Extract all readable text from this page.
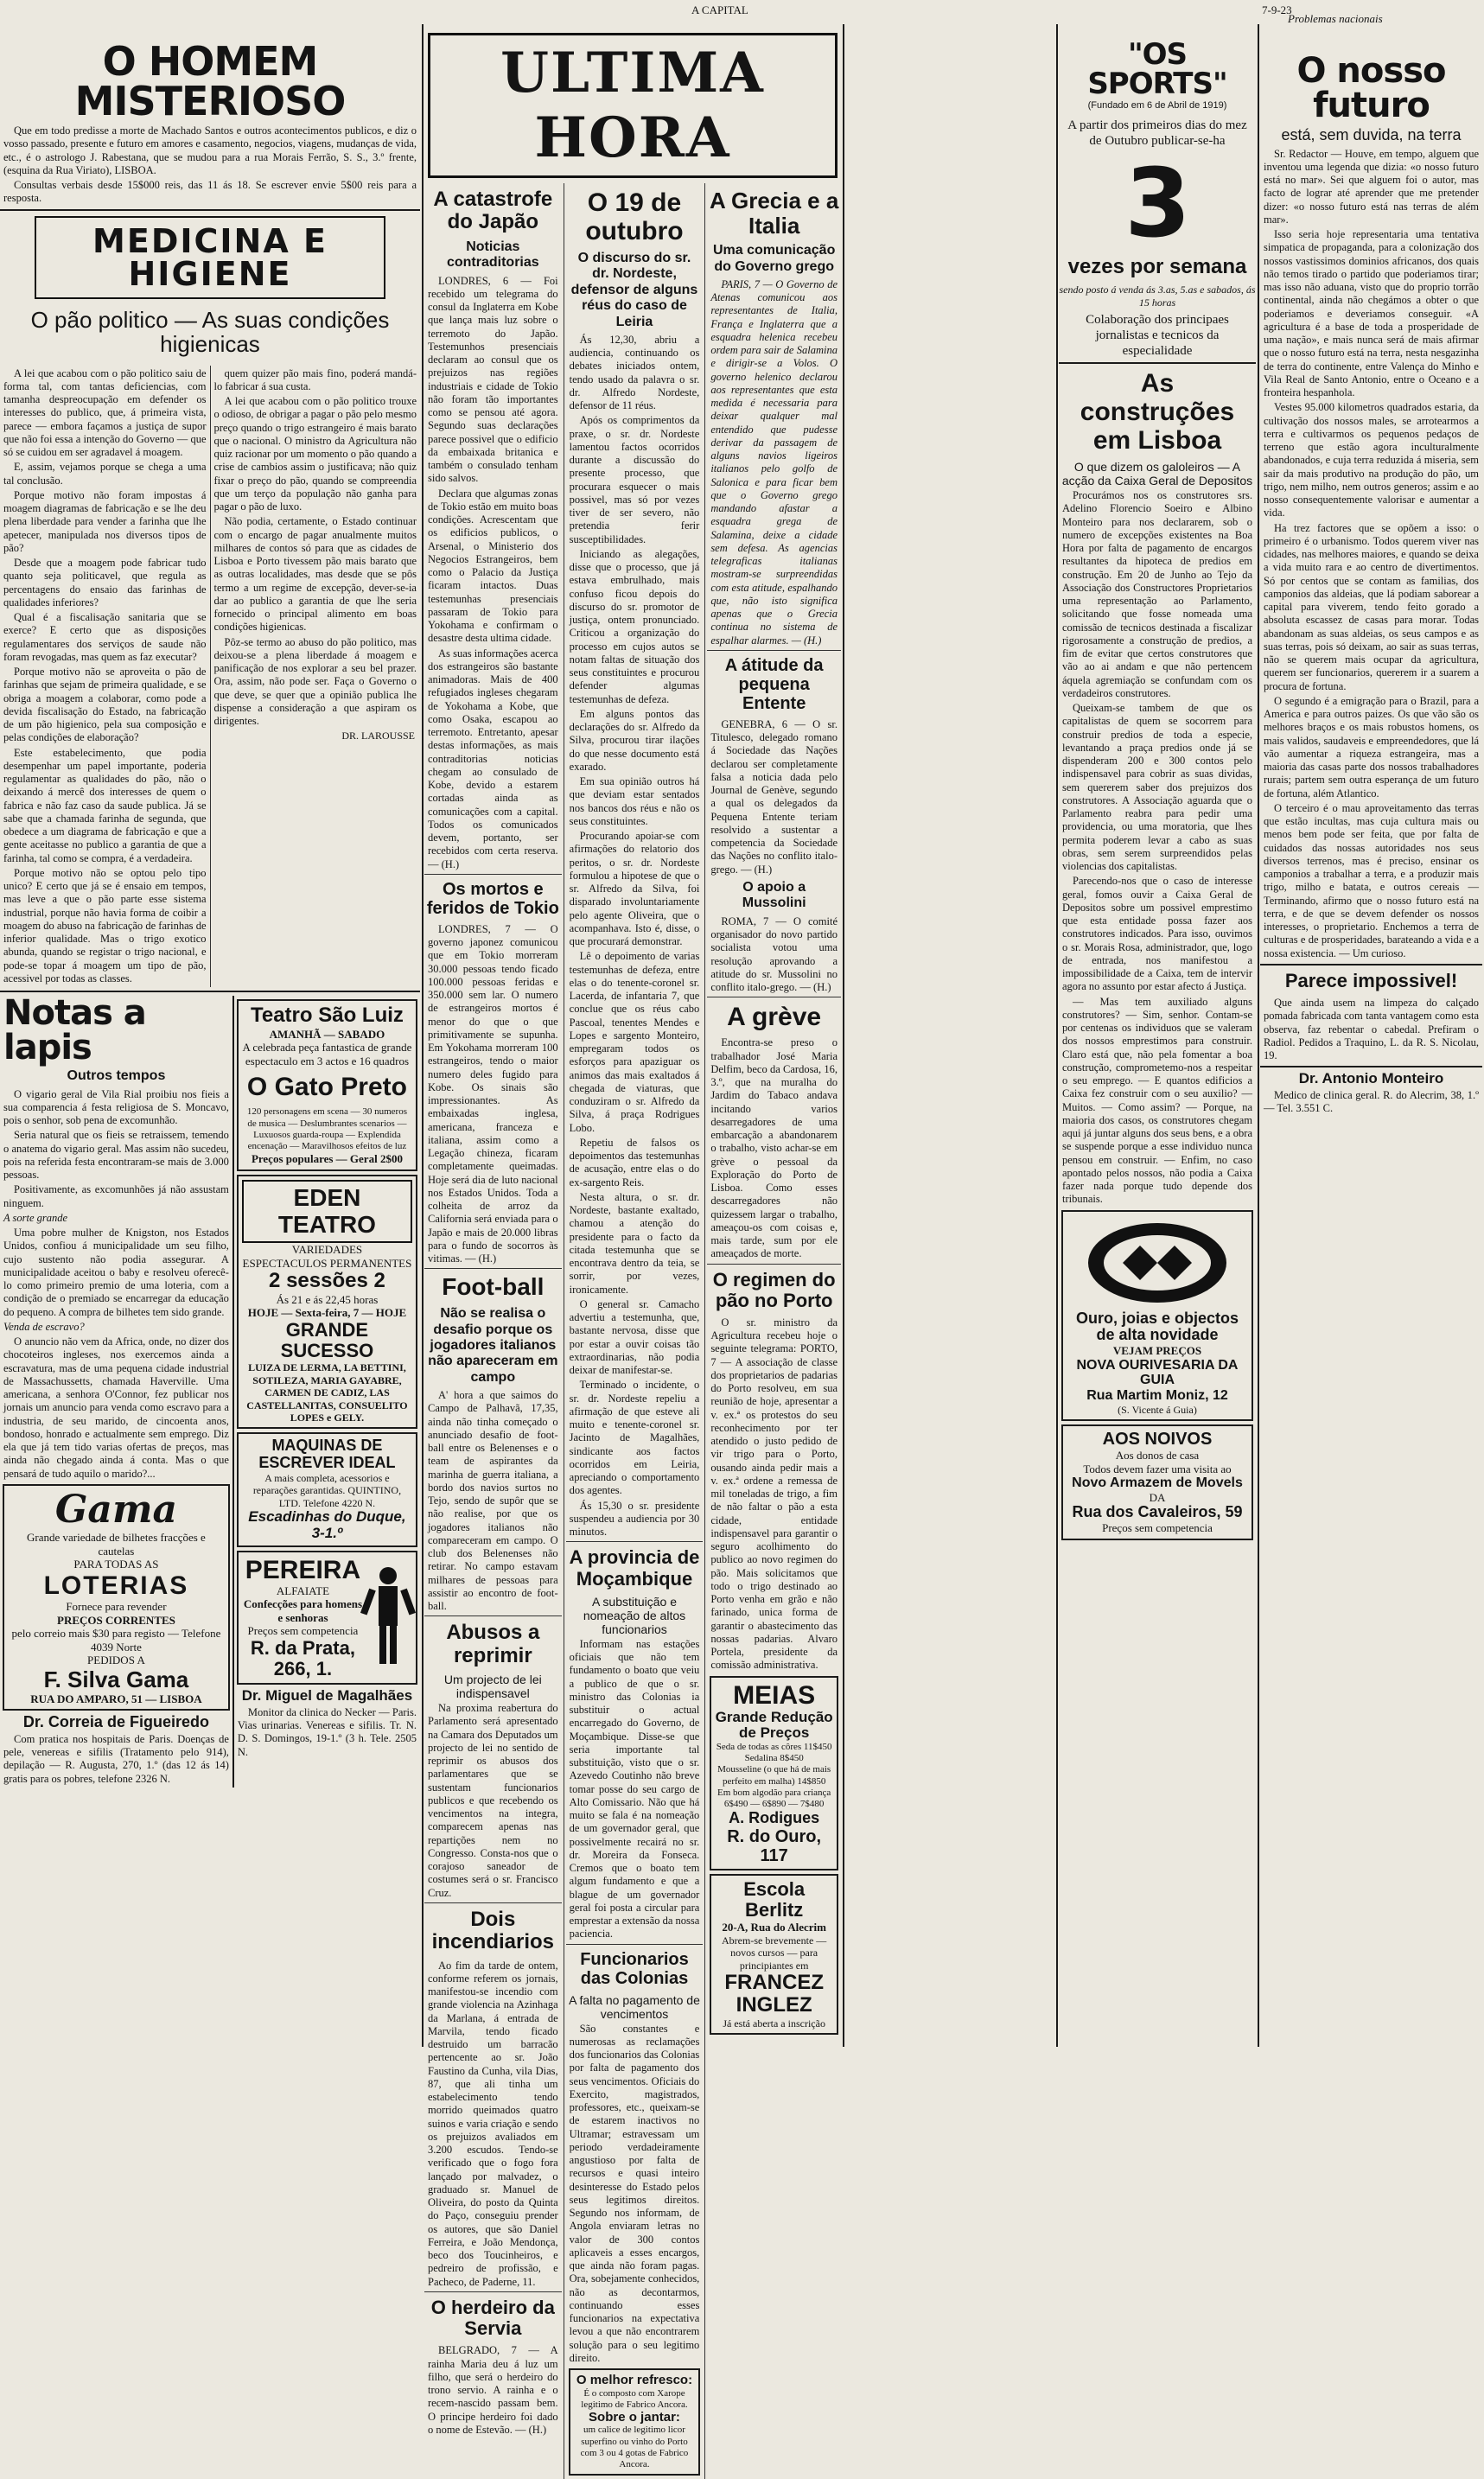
A CAPITAL	7-9-23
Problemas nacionais
O HOMEM MISTERIOSO
Que em todo predisse a morte de Machado Santos e outros acontecimentos publicos, e diz o vosso passado, presente e futuro em amores e casamento, negocios, viagens, mudanças de vida, etc., é o astrologo J. Rabestana, que se mudou para a rua Morais Ferrão, S. S., 3.º frente, (esquina da Rua Viriato), LISBOA.
Consultas verbais desde 15$000 reis, das 11 ás 18. Se escrever envie 5$00 reis para a resposta.
MEDICINA E HIGIENE
O pão politico — As suas condições higienicas
A lei que acabou com o pão politico saiu de forma tal, com tantas deficiencias, com tamanha despreocupação em defender os interesses do publico, que, á primeira vista, parece — embora façamos a justiça de supor que não foi essa a intenção do Governo — que só se cuidou em ser agradavel á moagem.
E, assim, vejamos porque se chega a uma tal conclusão.
Porque motivo não foram impostas á moagem diagramas de fabricação e se lhe deu plena liberdade para vender a farinha que lhe apetecer, manipulada nos diversos tipos de pão?
Desde que a moagem pode fabricar tudo quanto seja politicavel, que regula as percentagens do ensaio das farinhas de qualidades inferiores?
Qual é a fiscalisação sanitaria que se exerce? E certo que as disposições regulamentares dos serviços de saude não foram revogadas, mas quem as faz executar?
Porque motivo não se aproveita o pão de farinhas que sejam de primeira qualidade, e se obriga a moagem a colaborar, como pode a devida fiscalisação do Estado, na fabricação de um pão higienico, pela sua composição e pelas condições de elaboração?
Este estabelecimento, que podia desempenhar um papel importante, poderia regulamentar as qualidades do pão, não o deixando á mercê dos interesses de quem o fabrica e não faz caso da saude publica. Já se sabe que a chamada farinha de segunda, que obedece a um diagrama de fabricação e que a gente aceitasse no publico a garantia de que a farinha, tal como se compra, é a verdadeira.
Porque motivo não se optou pelo tipo unico? E certo que já se é ensaio em tempos, mas leve a que o pão parte esse sistema industrial, porque não havia forma de coibir a moagem do abuso na fabricação de farinhas de inferior qualidade. Mas o trigo exotico abunda, quando se registar o trigo nacional, e pode-se topar á moagem um tipo de pão, acessivel por todas as classes.
quem quizer pão mais fino, poderá mandá-lo fabricar á sua custa.
A lei que acabou com o pão politico trouxe o odioso, de obrigar a pagar o pão pelo mesmo preço quando o trigo estrangeiro é mais barato que o nacional. O ministro da Agricultura não quiz racionar por um momento o pão quando a crise de cambios assim o justificava; não quiz fixar o preço do pão, quando se compreendia que um terço da população não ganha para pagar o pão de luxo.
Não podia, certamente, o Estado continuar com o encargo de pagar anualmente muitos milhares de contos só para que as cidades de Lisboa e Porto tivessem pão mais barato que as outras localidades, mas desde que se pôs termo a um regime de excepção, dever-se-ia dar ao publico a garantia de que lhe seria fornecido o principal alimento em boas condições higienicas.
Pôz-se termo ao abuso do pão politico, mas deixou-se a plena liberdade á moagem e panificação de nos explorar a seu bel prazer. Ora, assim, não pode ser. Faça o Governo o que deve, se quer que a opinião publica lhe dispense a consideração a que aspiram os dirigentes.
DR. LAROUSSE
Notas a lapis
Outros tempos
O vigario geral de Vila Rial proibiu nos fieis a sua comparencia á festa religiosa de S. Moncavo, pois o senhor, sob pena de excomunhão.
Seria natural que os fieis se retraissem, temendo o anatema do vigario geral. Mas assim não sucedeu, pois na referida festa encontraram-se mais de 3.000 pessoas.
Positivamente, as excomunhões já não assustam ninguem.
A sorte grande
Uma pobre mulher de Knigston, nos Estados Unidos, confiou á municipalidade um seu filho, cujo sustento não podia assegurar. A municipalidade aceitou o baby e resolveu oferecê-lo como primeiro premio de uma loteria, com a condição de o premiado se encarregar da educação do pequeno. A compra de bilhetes tem sido grande.
Venda de escravo?
O anuncio não vem da Africa, onde, no dizer dos chocoteiros ingleses, nos exercemos ainda a escravatura, mas de uma pequena cidade industrial de Massachussetts, chamada Haverville. Uma americana, a senhora O'Connor, fez publicar nos jornais um anuncio para venda como escravo para a industria, de seu marido, de cincoenta anos, bondoso, honrado e actualmente sem emprego. Diz ela que já tem tido varias ofertas de preços, mas ainda não chegado ainda á conta. Mas o que pensará de tudo aquilo o marido?...
Gama
Grande variedade de bilhetes fracções e cautelas
PARA TODAS AS
LOTERIAS
Fornece para revender
PREÇOS CORRENTES
pelo correio mais $30 para registo — Telefone 4039 Norte
PEDIDOS A
F. Silva Gama
RUA DO AMPARO, 51 — LISBOA
Dr. Correia de Figueiredo
Com pratica nos hospitais de Paris. Doenças de pele, venereas e sifilis (Tratamento pelo 914), depilação — R. Augusta, 270, 1.º (das 12 ás 14) gratis para os pobres, telefone 2326 N.
Teatro São Luiz
AMANHÃ — SABADO
A celebrada peça fantastica de grande espectaculo em 3 actos e 16 quadros
O Gato Preto
120 personagens em scena — 30 numeros de musica — Deslumbrantes scenarios — Luxuosos guarda-roupa — Explendida encenação — Maravilhosos efeitos de luz
Preços populares — Geral 2$00
EDEN TEATRO
VARIEDADES
ESPECTACULOS PERMANENTES
2 sessões 2
Ás 21 e ás 22,45 horas
HOJE — Sexta-feira, 7 — HOJE
GRANDE SUCESSO
LUIZA DE LERMA, LA BETTINI, SOTILEZA, MARIA GAYABRE, CARMEN DE CADIZ, LAS CASTELLANITAS, CONSUELITO LOPES e GELY.
MAQUINAS DE ESCREVER IDEAL
A mais completa, acessorios e reparações garantidas. QUINTINO, LTD. Telefone 4220 N.
Escadinhas do Duque, 3-1.º
PEREIRA
ALFAIATE
Confecções para homens e senhoras
Preços sem competencia
R. da Prata, 266, 1.
Dr. Miguel de Magalhães
Monitor da clinica do Necker — Paris. Vias urinarias. Venereas e sifilis. Tr. N. D. S. Domingos, 19-1.º (3 h. Tele. 2505 N.
ULTIMA HORA
A catastrofe do Japão
Noticias contraditorias
LONDRES, 6 — Foi recebido um telegrama do consul da Inglaterra em Kobe que lança mais luz sobre o terremoto do Japão. Testemunhos presenciais declaram ao consul que os prejuizos nas regiões industriais e cidade de Tokio não foram tão importantes como se pensou até agora. Segundo suas declarações parece possivel que o edificio da embaixada britanica e também o consulado tenham sido salvos.
Declara que algumas zonas de Tokio estão em muito boas condições. Acrescentam que os edificios publicos, o Arsenal, o Ministerio dos Negocios Estrangeiros, bem como o Palacio da Justiça ficaram intactos. Duas testemunhas presenciais passaram de Tokio para Yokohama e confirmam o desastre desta ultima cidade.
As suas informações acerca dos estrangeiros são bastante animadoras. Mais de 400 refugiados ingleses chegaram de Yokohama a Kobe, que como Osaka, escapou ao terremoto. Entretanto, apesar destas informações, as mais contraditorias noticias chegam ao consulado de Kobe, devido a estarem cortadas ainda as comunicações com a capital. Todos os comunicados devem, portanto, ser recebidos com certa reserva. — (H.)
Os mortos e feridos de Tokio
LONDRES, 7 — O governo japonez comunicou que em Tokio morreram 30.000 pessoas tendo ficado 100.000 pessoas feridas e 350.000 sem lar. O numero de estrangeiros mortos é menor do que o que primitivamente se supunha. Em Yokohama morreram 100 estrangeiros, tendo o maior numero deles fugido para Kobe. Os sinais são impressionantes. As embaixadas inglesa, americana, franceza e italiana, assim como a Legação chineza, ficaram completamente queimadas. Hoje será dia de luto nacional nos Estados Unidos. Toda a colheita de arroz da California será enviada para o Japão e mais de 20.000 libras para o fundo de socorros às vitimas. — (H.)
Foot-ball
Não se realisa o desafio porque os jogadores italianos não apareceram em campo
A' hora a que saimos do Campo de Palhavã, 17,35, ainda não tinha começado o anunciado desafio de foot-ball entre os Belenenses e o team de aspirantes da marinha de guerra italiana, a bordo dos navios surtos no Tejo, sendo de supôr que se não realise, por que os jogadores italianos não compareceram em campo. O club dos Belenenses não retirar. No campo estavam milhares de pessoas para assistir ao encontro de foot-ball.
Abusos a reprimir
Um projecto de lei indispensavel
Na proxima reabertura do Parlamento será apresentado na Camara dos Deputados um projecto de lei no sentido de reprimir os abusos dos parlamentares que se sustentam funcionarios publicos e que recebendo os vencimentos na integra, comparecem apenas nas repartições nem no Congresso. Consta-nos que o corajoso saneador de costumes será o sr. Francisco Cruz.
Dois incendiarios
Ao fim da tarde de ontem, conforme referem os jornais, manifestou-se incendio com grande violencia na Azinhaga da Marlana, á entrada de Marvila, tendo ficado destruido um barracão pertencente ao sr. João Faustino da Cunha, vila Dias, 87, que ali tinha um estabelecimento tendo morrido queimados quatro suinos e varia criação e sendo os prejuizos avaliados em 3.200 escudos. Tendo-se verificado que o fogo fora lançado por malvadez, o graduado sr. Manuel de Oliveira, do posto da Quinta do Paço, conseguiu prender os autores, que são Daniel Ferreira, e João Mendonça, beco dos Toucinheiros, e pedreiro de profissão, e Pacheco, de Paderne, 11.
O herdeiro da Servia
BELGRADO, 7 — A rainha Maria deu á luz um filho, que será o herdeiro do trono servio. A rainha e o recem-nascido passam bem. O principe herdeiro foi dado o nome de Estevão. — (H.)
O 19 de outubro
O discurso do sr. dr. Nordeste, defensor de alguns réus do caso de Leiria
Ás 12,30, abriu a audiencia, continuando os debates iniciados ontem, tendo usado da palavra o sr. dr. Alfredo Nordeste, defensor de 11 réus.
Após os comprimentos da praxe, o sr. dr. Nordeste lamentou factos ocorridos durante a discussão do presente processo, que procurara esquecer o mais possivel, mas só por vezes tiver de ser severo, não pretendia ferir susceptibilidades.
Iniciando as alegações, disse que o processo, que já estava embrulhado, mais confuso ficou depois do discurso do sr. promotor de justiça, ontem pronunciado. Criticou a organização do processo em cujos autos se notam faltas de situação dos seus constituintes e procurou defender algumas testemunhas de defeza.
Em alguns pontos das declarações do sr. Alfredo da Silva, procurou tirar ilações do que nesse documento está exarado.
Em sua opinião outros há que deviam estar sentados nos bancos dos réus e não os seus constituintes.
Procurando apoiar-se com afirmações do relatorio dos peritos, o sr. dr. Nordeste formulou a hipotese de que o sr. Alfredo da Silva, foi disparado involuntariamente pelo agente Oliveira, que o acompanhava. Isto é, disse, o que procurará demonstrar.
Lê o depoimento de varias testemunhas de defeza, entre elas o do tenente-coronel sr. Lacerda, de infantaria 7, que conclue que os réus cabo Pascoal, tenentes Mendes e Lopes e sargento Monteiro, empregaram todos os esforços para apaziguar os animos das mais exaltados á chegada de viaturas, que conduziram o sr. Alfredo da Silva, á praça Rodrigues Lobo.
Repetiu de falsos os depoimentos das testemunhas de acusação, entre elas o do ex-sargento Reis.
Nesta altura, o sr. dr. Nordeste, bastante exaltado, chamou a atenção do presidente para o facto da citada testemunha que se encontrava dentro da teia, se sorrir, por vezes, ironicamente.
O general sr. Camacho advertiu a testemunha, que, bastante nervosa, disse que por estar a ouvir coisas tão extraordinarias, não podia deixar de manifestar-se.
Terminado o incidente, o sr. dr. Nordeste repeliu a afirmação de que esteve ali muito e tenente-coronel sr. Jacinto de Magalhães, sindicante aos factos ocorridos em Leiria, apreciando o comportamento dos agentes.
Ás 15,30 o sr. presidente suspendeu a audiencia por 30 minutos.
A provincia de Moçambique
A substituição e nomeação de altos funcionarios
Informam nas estações oficiais que não tem fundamento o boato que veiu a publico de que o sr. ministro das Colonias ia substituir o actual encarregado do Governo, de Moçambique. Disse-se que seria importante tal substituição, visto que o sr. Azevedo Coutinho não breve tomar posse do seu cargo de Alto Comissario. Não que há muito se fala é na nomeação de um governador geral, que possivelmente recairá no sr. dr. Moreira da Fonseca. Cremos que o boato tem algum fundamento e que a blague de um governador geral foi posta a circular para emprestar a extensão da nossa paciencia.
Funcionarios das Colonias
A falta no pagamento de vencimentos
São constantes e numerosas as reclamações dos funcionarios das Colonias por falta de pagamento dos seus vencimentos. Oficiais do Exercito, magistrados, professores, etc., queixam-se de estarem inactivos no Ultramar; estravessam um periodo verdadeiramente angustioso por falta de recursos e quasi inteiro desinteresse do Estado pelos seus legitimos direitos. Segundo nos informam, de Angola enviaram letras no valor de 300 contos aplicaveis a esses encargos, que ainda não foram pagas. Ora, sobejamente conhecidos, não as decontarmos, continuando esses funcionarios na expectativa levou a que não encontrarem solução para o seu legitimo direito.
O melhor refresco:
É o composto com Xarope legitimo de Fabrico Ancora.
Sobre o jantar:
um calice de legitimo licor superfino ou vinho do Porto com 3 ou 4 gotas de Fabrico Ancora.
A Grecia e a Italia
Uma comunicação do Governo grego
PARIS, 7 — O Governo de Atenas comunicou aos representantes de Italia, França e Inglaterra que a esquadra helenica recebeu ordem para sair de Salamina e dirigir-se a Volos. O governo helenico declarou aos representantes que esta medida é necessaria para deixar qualquer mal entendido que pudesse derivar da passagem de alguns navios ligeiros italianos pelo golfo de Salonica e para ficar bem que o Governo grego mandando afastar a esquadra grega de Salamina, deixe a cidade sem defesa. As agencias telegraficas italianas mostram-se surpreendidas com esta atitude, espalhando que, não isto significa apenas que o Grecia continua no sistema de espalhar alarmes. — (H.)
A átitude da pequena Entente
GENEBRA, 6 — O sr. Titulesco, delegado romano á Sociedade das Nações declarou ser completamente falsa a noticia dada pelo Journal de Genève, segundo a qual os delegados da Pequena Entente teriam resolvido a sustentar a competencia da Sociedade das Nações no conflito italo-grego. — (H.)
O apoio a Mussolini
ROMA, 7 — O comité organisador do novo partido socialista votou uma resolução aprovando a atitude do sr. Mussolini no conflito italo-grego. — (H.)
A grève
Encontra-se preso o trabalhador José Maria Delfim, beco da Cardosa, 16, 3.º, que na muralha do Jardim do Tabaco andava incitando varios desarregadores de uma embarcação a abandonarem o trabalho, visto achar-se em grève o pessoal da Exploração do Porto de Lisboa. Como esses descarregadores não quizessem largar o trabalho, ameaçou-os com coisas e, mais tarde, sum por ele ameaçados de morte.
O regimen do pão no Porto
O sr. ministro da Agricultura recebeu hoje o seguinte telegrama: PORTO, 7 — A associação de classe dos proprietarios de padarias do Porto resolveu, em sua reunião de hoje, apresentar a v. ex.ª os protestos do seu reconhecimento por ter atendido o justo pedido de vir trigo para o Porto, ousando ainda pedir mais a v. ex.ª ordene a remessa de mil toneladas de trigo, a fim de não faltar o pão a esta cidade, entidade indispensavel para garantir o seguro acolhimento do publico ao novo regimen do pão. Mais solicitamos que todo o trigo destinado ao Porto venha em grão e não farinado, unica forma de garantir o abastecimento das nossas padarias. Alvaro Portela, presidente da comissão administrativa.
MEIAS
Grande Redução de Preços
Seda de todas as côres 11$450
Sedalina 8$450
Mousseline (o que há de mais perfeito em malha) 14$850
Em bom algodão para criança 6$490 — 6$890 — 7$480
A. Rodigues
R. do Ouro, 117
Escola Berlitz
20-A, Rua do Alecrim
Abrem-se brevemente — novos cursos — para principiantes em
FRANCEZ
INGLEZ
Já está aberta a inscrição
"OS SPORTS"
(Fundado em 6 de Abril de 1919)
A partir dos primeiros dias do mez de Outubro publicar-se-ha
3
vezes por semana
sendo posto á venda ás 3.as, 5.as e sabados, ás 15 horas
Colaboração dos principaes jornalistas e tecnicos da especialidade
As construções em Lisboa
O que dizem os galoleiros — A acção da Caixa Geral de Depositos
Procurámos nos os construtores srs. Adelino Florencio Soeiro e Albino Monteiro para nos declararem, sob o numero de excepções existentes na Boa Hora por falta de pagamento de encargos resultantes da hipoteca de predios em construção. Em 20 de Junho ao Tejo da Associação dos Constructores Proprietarios uma representação ao Parlamento, solicitando que fosse nomeada uma comissão de tecnicos destinada a fiscalizar rigorosamente a construção de predios, a fim de evitar que certos construtores que vão ao ai andam e que não pertencem áquela agremiação se confundam com os verdadeiros construtores.
Queixam-se tambem de que os capitalistas de quem se socorrem para construir predios de toda a especie, levantando a praça predios onde já se dispenderam 200 e 300 contos pelo indispensavel para cobrir as suas dividas, sem quererem saber dos prejuizos dos construtores. A Associação aguarda que o Parlamento reabra para pedir uma providencia, ou uma moratoria, que lhes permita poderem levar a cabo as suas obras, sem serem surpreendidos pelas violencias dos capitalistas.
Parecendo-nos que o caso de interesse geral, fomos ouvir a Caixa Geral de Depositos sobre um possivel emprestimo que esta entidade possa fazer aos construtores indicados. Para isso, ouvimos o sr. Morais Rosa, administrador, que, logo de entrada, nos manifestou a impossibilidade de a Caixa, tem de intervir agora no assunto por estar afecto á Justiça.
— Mas tem auxiliado alguns construtores? — Sim, senhor. Contam-se por centenas os individuos que se valeram dos nossos emprestimos para construir. Claro está que, não pela fomentar a boa construção, comprometemo-nos a respeitar o seu emprego. — E quantos edificios a Caixa fez construir com o seu auxilio? — Muitos. — Como assim? — Porque, na maioria dos casos, os construtores chegam aqui já juntar alguns dos seus bens, e a obra se suspende porque a esse individuo nunca pensou em construir. — Enfim, no caso apontado pelos nossos, não podia a Caixa fazer nada porque tudo depende dos tribunais.
Ouro, joias e objectos de alta novidade
VEJAM PREÇOS
NOVA OURIVESARIA DA GUIA
Rua Martim Moniz, 12
(S. Vicente á Guia)
AOS NOIVOS
Aos donos de casa
Todos devem fazer uma visita ao
Novo Armazem de Movels
DA
Rua dos Cavaleiros, 59
Preços sem competencia
O nosso futuro
está, sem duvida, na terra
Sr. Redactor — Houve, em tempo, alguem que inventou uma legenda que dizia: «o nosso futuro está no mar». Sei que alguem foi o autor, mas facto de lograr até aprender que me pretender dizer: «o nosso futuro está nas terras de além mar».
Isso seria hoje representaria uma tentativa simpatica de propaganda, para a colonização dos nossos vastissimos dominios africanos, dos quais não temos tirado o partido que poderiamos tirar; mas isso não aduana, visto que do proprio torrão continental, ainda não chegámos a obter o que poderiamos e deveriamos conseguir. «A agricultura é a base de toda a prosperidade de uma nação», e mais nunca será de mais afirmar que o nosso futuro está na terra, nesta nesgazinha de terra do continente, entre Valença do Minho e Vila Real de Santo Antonio, entre o Oceano e a fronteira hespanhola.
Vestes 95.000 kilometros quadrados estaria, da cultivação dos nossos males, se arrotearmos a terra e cultivarmos os pequenos pedaços de terreno que estão agora inculturalmente abandonados, e cuja terra reduzida á miseria, sem sair da mais produtivo na produção do pão, um trigo, nem milho, nem outros generos; assim e ao nosso consequentemente valorisar e aumentar a vida.
Ha trez factores que se opõem a isso: o primeiro é o urbanismo. Todos querem viver nas cidades, nas melhores maiores, e quando se deixa a vida muito rara e ao centro de divertimentos. Só por centos que se contam as familias, dos camponios das aldeias, que lá podiam saborear a capital para viverem, tendo feito gorado a absoluta escassez de casas para morar. Todas abandonam as suas aldeias, os seus campos e as suas terras, pois só deixam, ao sair as suas terras, não se querem mais ocupar da agricultura, querem ser funcionarios, quererem ir a suarem a procura de fortuna.
O segundo é a emigração para o Brazil, para a America e para outros paizes. Os que vão são os melhores braços e os mais robustos homens, os mais validos, saudaveis e empreendedores, que lá vão aumentar a riqueza estrangeira, mas a maioria das casas parte dos nossos trabalhadores rurais; partem sem outra esperança de um futuro de fortuna, além Atlantico.
O terceiro é o mau aproveitamento das terras que estão incultas, mas cuja cultura mais ou menos bem pode ser feita, que por falta de cuidados das nossas autoridades nos seus diversos terrenos, mas é preciso, ensinar os camponios a trabalhar a terra, e a produzir mais trigo, milho e batata, e outros cereais — Terminando, afirmo que o nosso futuro está na terra, e de que se devem defender os nossos interesses, o proprietario. Enchemos a terra de culturas e de prosperidades, barateando a vida e a nossa existencia. — Um curioso.
Parece impossivel!
Que ainda usem na limpeza do calçado pomada fabricada com tanta vantagem como esta observa, faz rebentar o cabedal. Prefiram o Radiol. Pedidos a Traquino, L. da R. S. Nicolau, 19.
Dr. Antonio Monteiro
Medico de clinica geral. R. do Alecrim, 38, 1.º — Tel. 3.551 C.
